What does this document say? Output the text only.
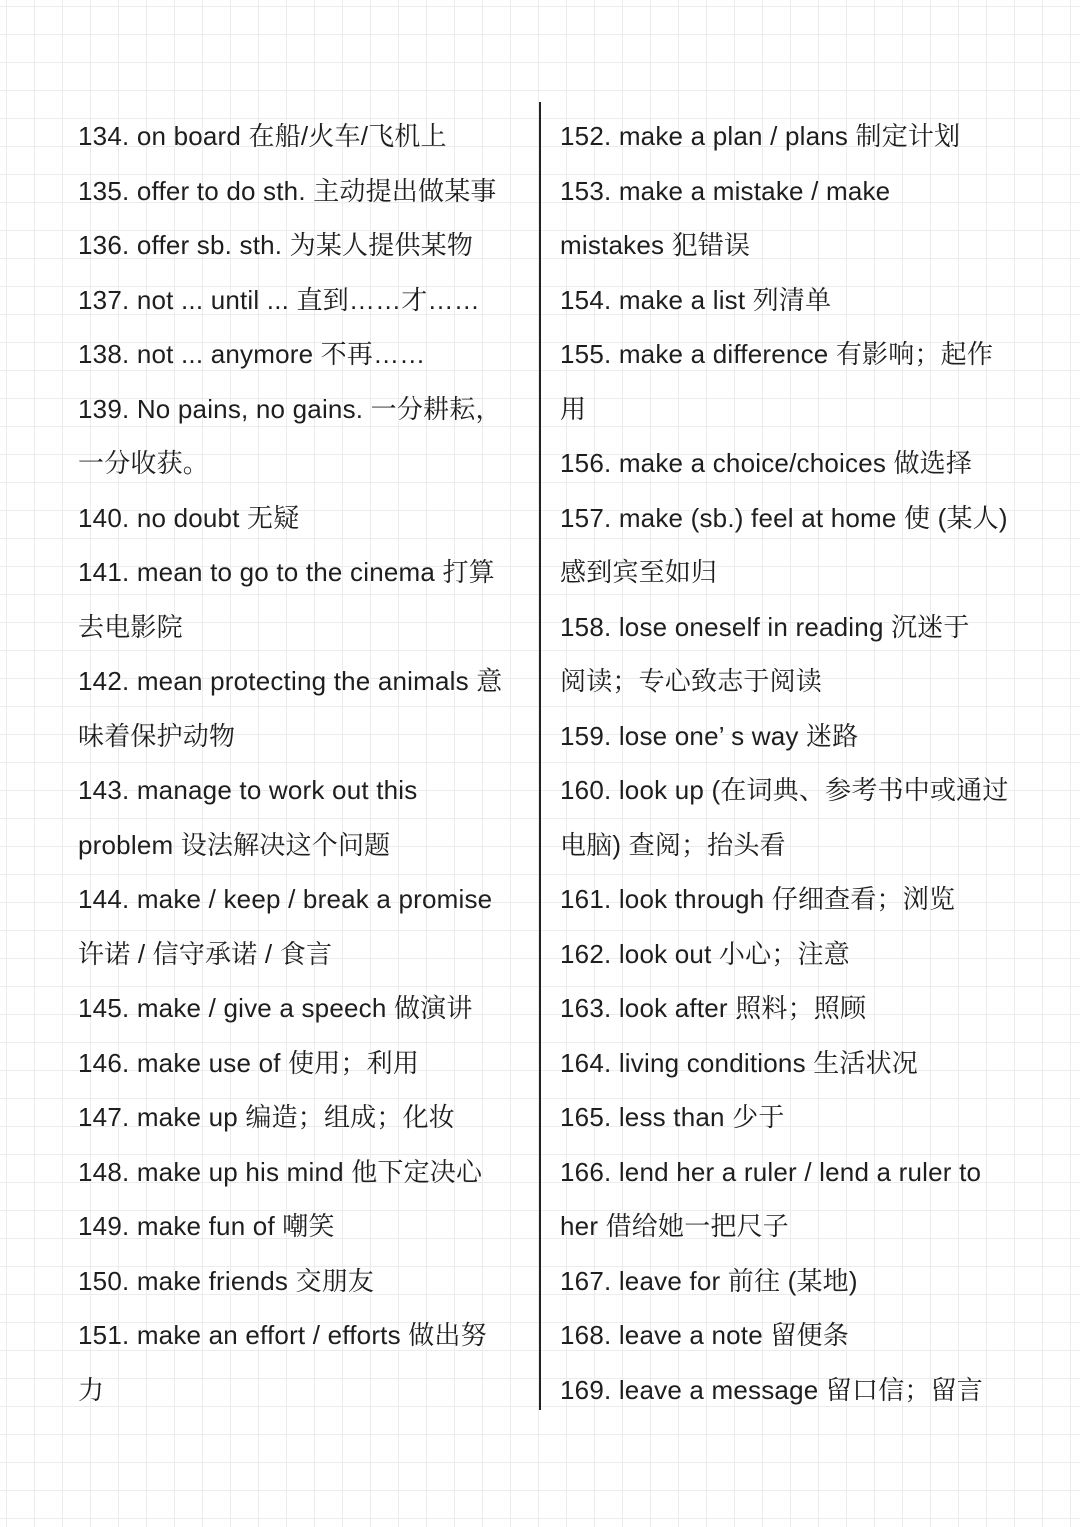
134. on board 在船/火车/飞机上
135. offer to do sth. 主动提出做某事
136. offer sb. sth. 为某人提供某物
137. not ... until ... 直到……才……
138. not ... anymore 不再……
139. No pains, no gains. 一分耕耘，
一分收获。
140. no doubt 无疑
141. mean to go to the cinema 打算
去电影院
142. mean protecting the animals 意
味着保护动物
143. manage to work out this
problem 设法解决这个问题
144. make / keep / break a promise
许诺 / 信守承诺 / 食言
145. make / give a speech 做演讲
146. make use of 使用；利用
147. make up 编造；组成；化妆
148. make up his mind 他下定决心
149. make fun of 嘲笑
150. make friends 交朋友
151. make an effort / efforts 做出努
力
152. make a plan / plans 制定计划
153. make a mistake / make
mistakes 犯错误
154. make a list 列清单
155. make a difference 有影响；起作
用
156. make a choice/choices 做选择
157. make (sb.) feel at home 使 (某人)
感到宾至如归
158. lose oneself in reading 沉迷于
阅读；专心致志于阅读
159. lose one’ s way 迷路
160. look up (在词典、参考书中或通过
电脑) 查阅；抬头看
161. look through 仔细查看；浏览
162. look out 小心；注意
163. look after 照料；照顾
164. living conditions 生活状况
165. less than 少于
166. lend her a ruler / lend a ruler to
her 借给她一把尺子
167. leave for 前往 (某地)
168. leave a note 留便条
169. leave a message 留口信；留言
